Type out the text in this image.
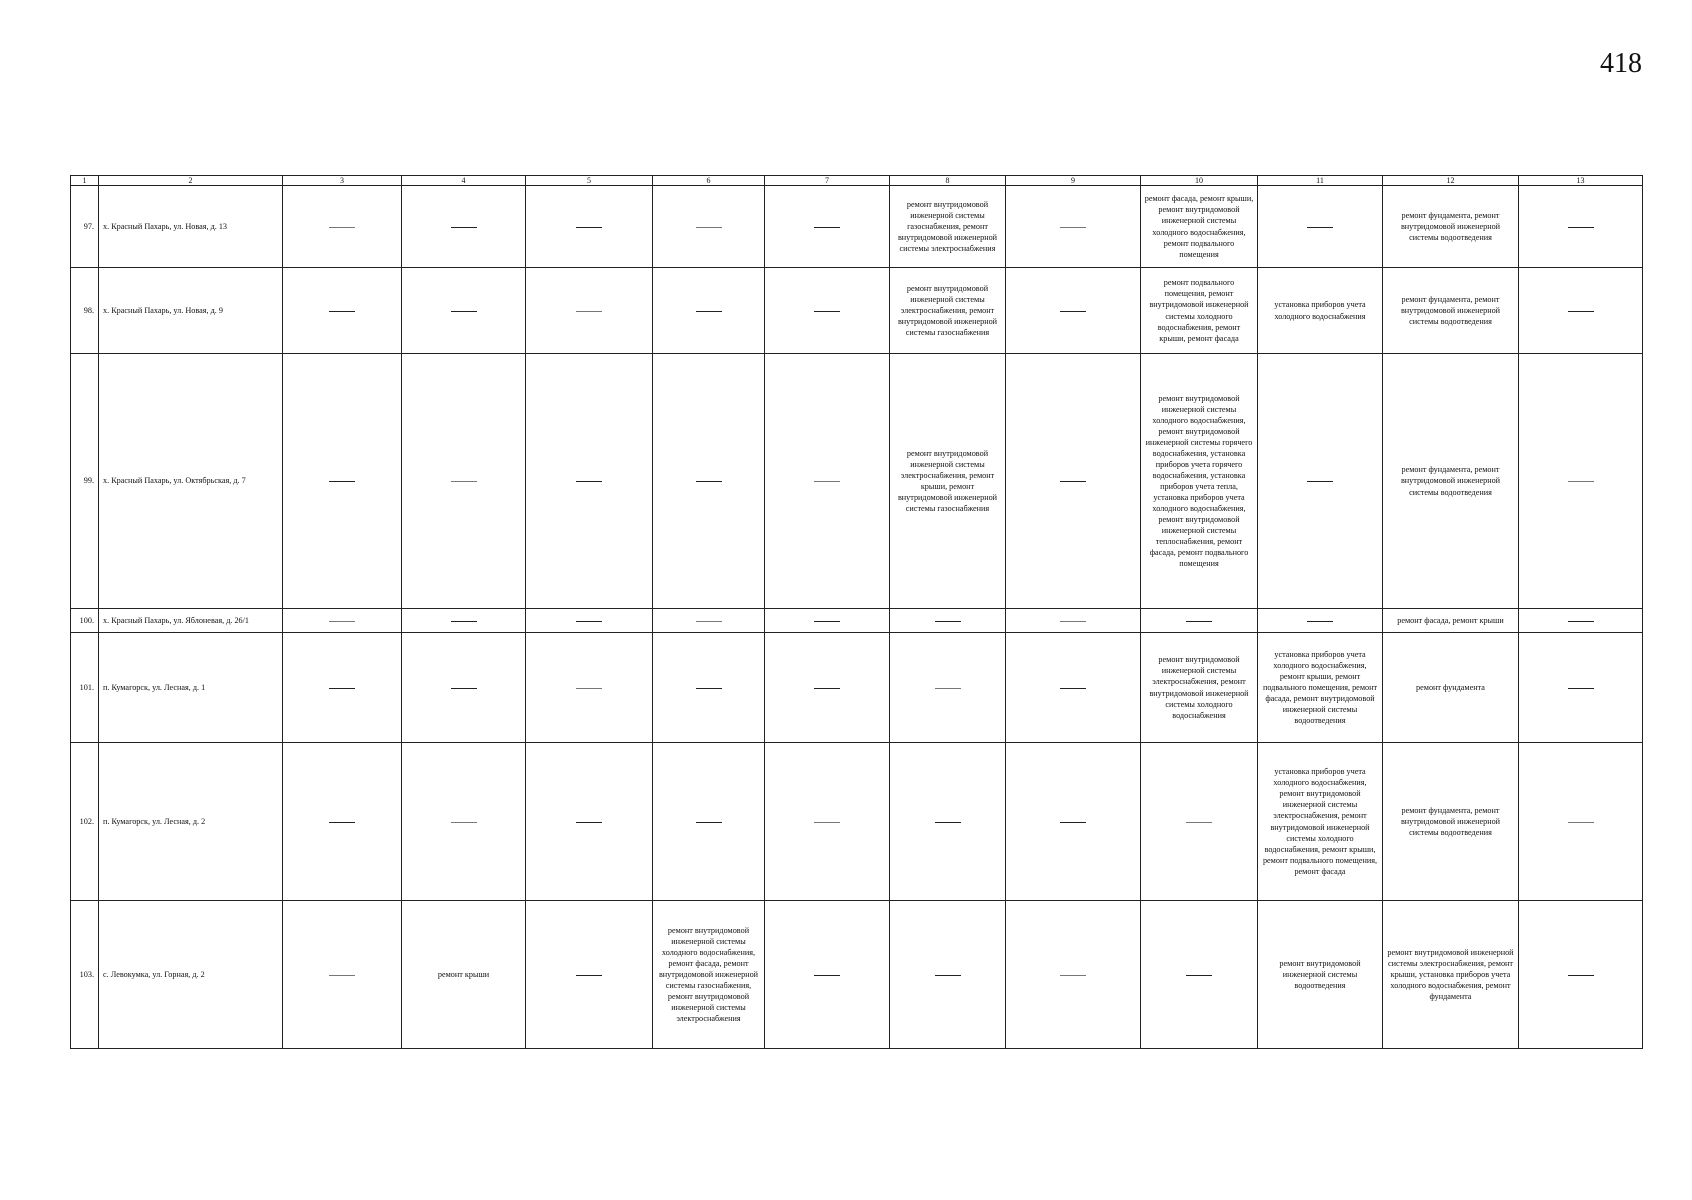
418
1	2	3	4	5	6	7	8	9	10	11	12	13
97.	х. Красный Пахарь, ул. Новая, д. 13						ремонт внутридомовой инженерной системы газоснабжения, ремонт внутридомовой инженерной системы электроснабжения		ремонт фасада, ремонт крыши, ремонт внутридомовой инженерной системы холодного водоснабжения, ремонт подвального помещения		ремонт фундамента, ремонт внутридомовой инженерной системы водоотведения	
98.	х. Красный Пахарь, ул. Новая, д. 9						ремонт внутридомовой инженерной системы электроснабжения, ремонт внутридомовой инженерной системы газоснабжения		ремонт подвального помещения, ремонт внутридомовой инженерной системы холодного водоснабжения, ремонт крыши, ремонт фасада	установка приборов учета холодного водоснабжения	ремонт фундамента, ремонт внутридомовой инженерной системы водоотведения	
99.	х. Красный Пахарь, ул. Октябрьская, д. 7						ремонт внутридомовой инженерной системы электроснабжения, ремонт крыши, ремонт внутридомовой инженерной системы газоснабжения		ремонт внутридомовой инженерной системы холодного водоснабжения, ремонт внутридомовой инженерной системы горячего водоснабжения, установка приборов учета горячего водоснабжения, установка приборов учета тепла, установка приборов учета холодного водоснабжения, ремонт внутридомовой инженерной системы теплоснабжения, ремонт фасада, ремонт подвального помещения		ремонт фундамента, ремонт внутридомовой инженерной системы водоотведения	
100.	х. Красный Пахарь, ул. Яблоневая, д. 26/1										ремонт фасада, ремонт крыши	
101.	п. Кумагорск, ул. Лесная, д. 1								ремонт внутридомовой инженерной системы электроснабжения, ремонт внутридомовой инженерной системы холодного водоснабжения	установка приборов учета холодного водоснабжения, ремонт крыши, ремонт подвального помещения, ремонт фасада, ремонт внутридомовой инженерной системы водоотведения	ремонт фундамента	
102.	п. Кумагорск, ул. Лесная, д. 2									установка приборов учета холодного водоснабжения, ремонт внутридомовой инженерной системы электроснабжения, ремонт внутридомовой инженерной системы холодного водоснабжения, ремонт крыши, ремонт подвального помещения, ремонт фасада	ремонт фундамента, ремонт внутридомовой инженерной системы водоотведения	
103.	с. Левокумка, ул. Горная, д. 2		ремонт крыши		ремонт внутридомовой инженерной системы холодного водоснабжения, ремонт фасада, ремонт внутридомовой инженерной системы газоснабжения, ремонт внутридомовой инженерной системы электроснабжения					ремонт внутридомовой инженерной системы водоотведения	ремонт внутридомовой инженерной системы электроснабжения, ремонт крыши, установка приборов учета холодного водоснабжения, ремонт фундамента	
